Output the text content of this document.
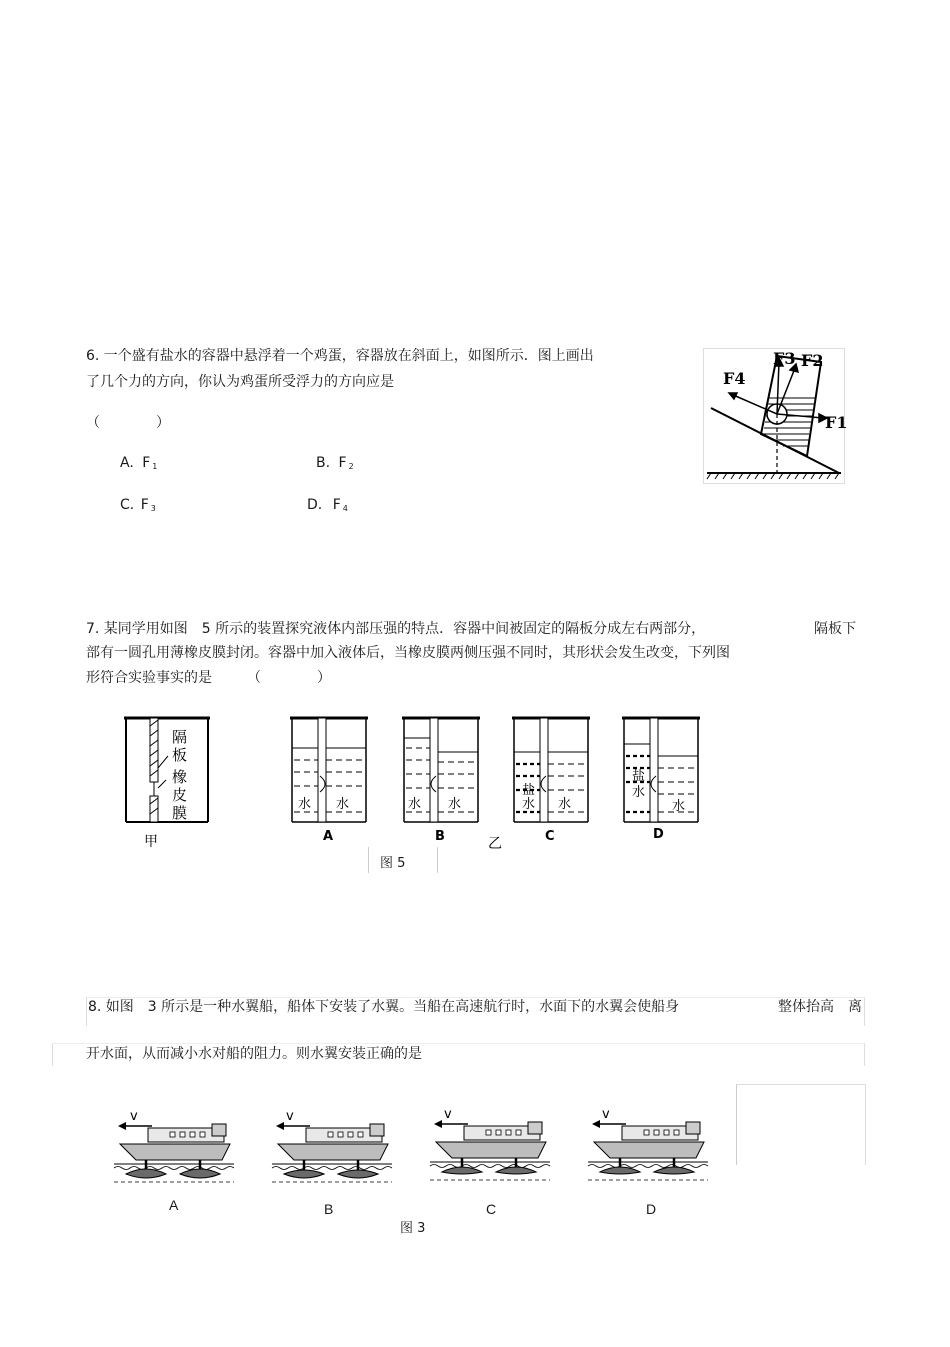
6. 一个盛有盐水的容器中悬浮着一个鸡蛋，容器放在斜面上，如图所示．图上画出
了几个力的方向，你认为鸡蛋所受浮力的方向应是
（　　　　）
A. F $_1$	B. F $_2$
C. F $_3$	D. F $_4$
F4
F3 F2
F1
7. 某同学用如图　5 所示的装置探究液体内部压强的特点．容器中间被固定的隔板分成左右两部分，	隔板下
部有一圆孔用薄橡皮膜封闭。容器中加入液体后，当橡皮膜两侧压强不同时，其形状会发生改变，下列图
形符合实验事实的是　　　（　　　　）
隔
板
橡
皮
膜
甲
水 水
A
水 水
B	乙
盐
水 水
C
盐
水
水
D
图 5
8. 如图　3 所示是一种水翼船，船体下安装了水翼。当船在高速航行时，水面下的水翼会使船身	整体抬高　离
开水面，从而减小水对船的阻力。则水翼安装正确的是
v	v	v	v
A	B	C	D
图 3
